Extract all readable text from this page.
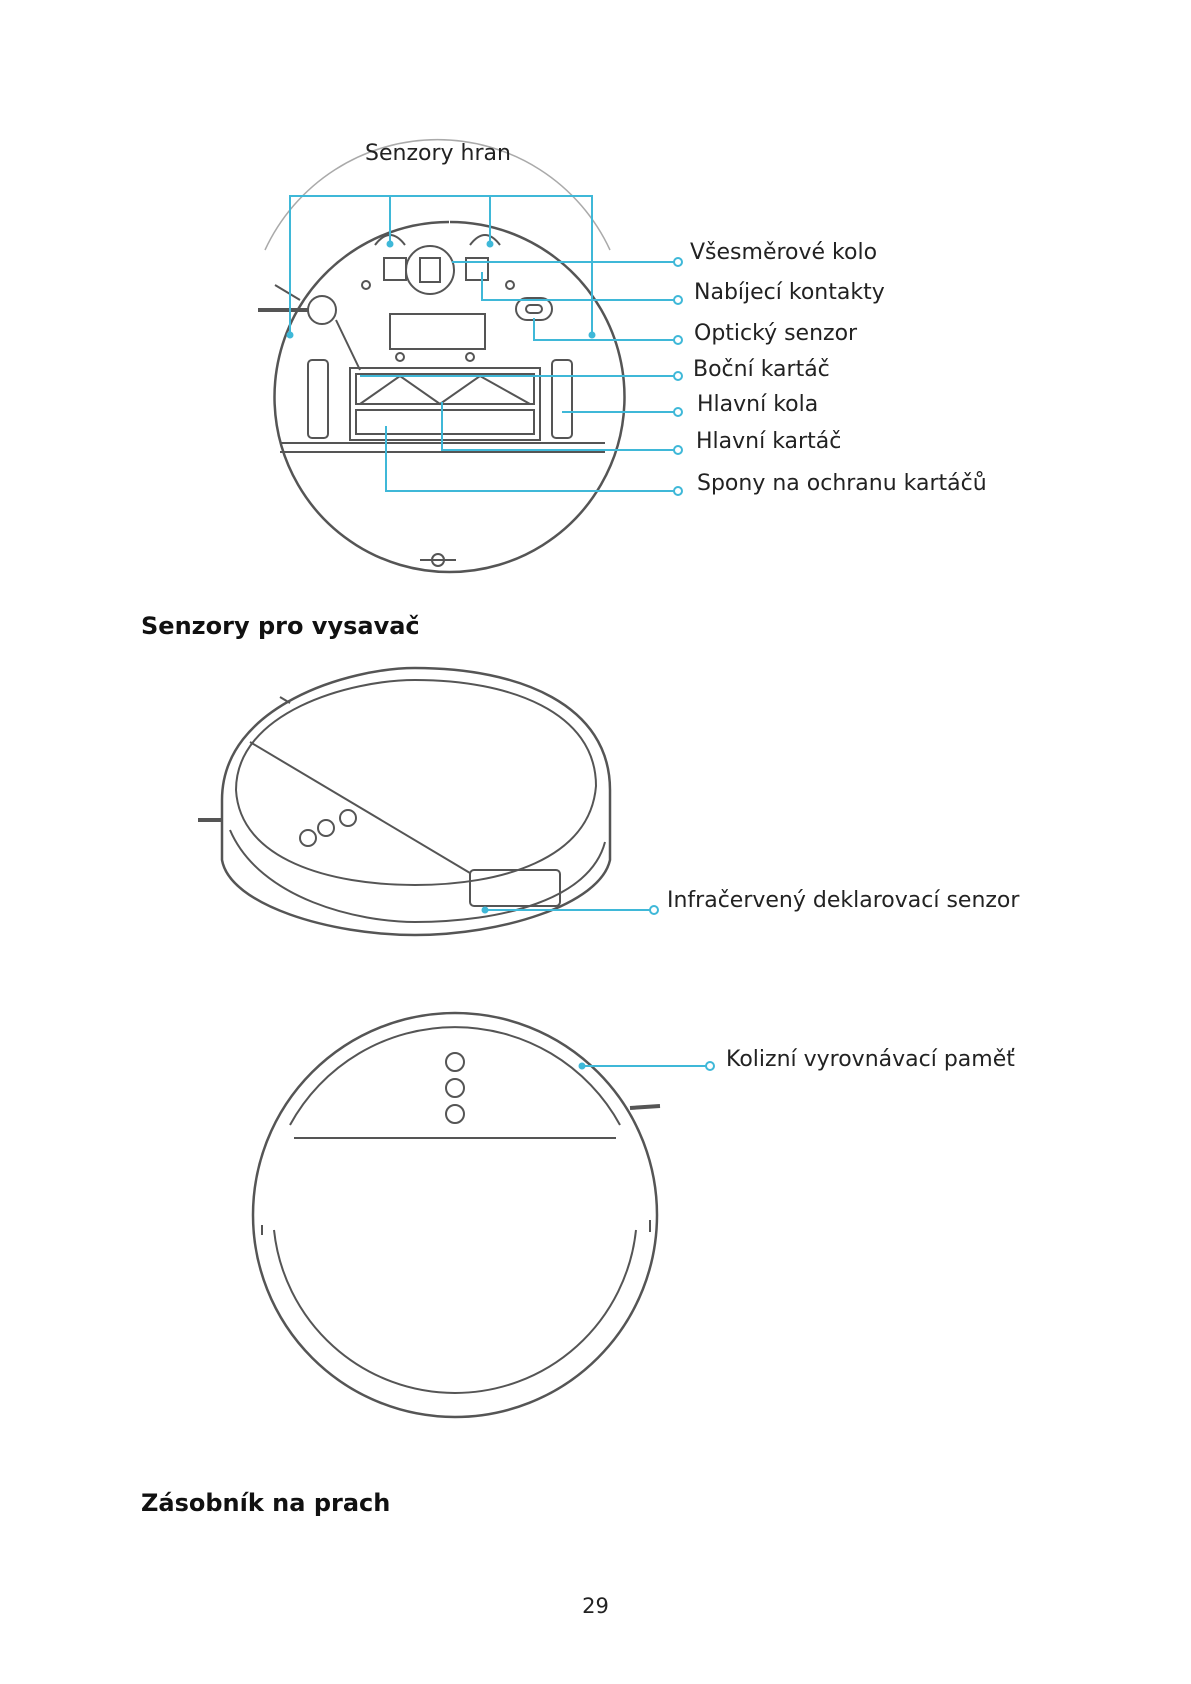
Senzory hran
Všesměrové kolo
Nabíjecí kontakty
Optický senzor
Boční kartáč
Hlavní kola
Hlavní kartáč
Spony na ochranu kartáčů
Senzory pro vysavač
Infračervený deklarovací senzor
Kolizní vyrovnávací paměť
Zásobník na prach
29
